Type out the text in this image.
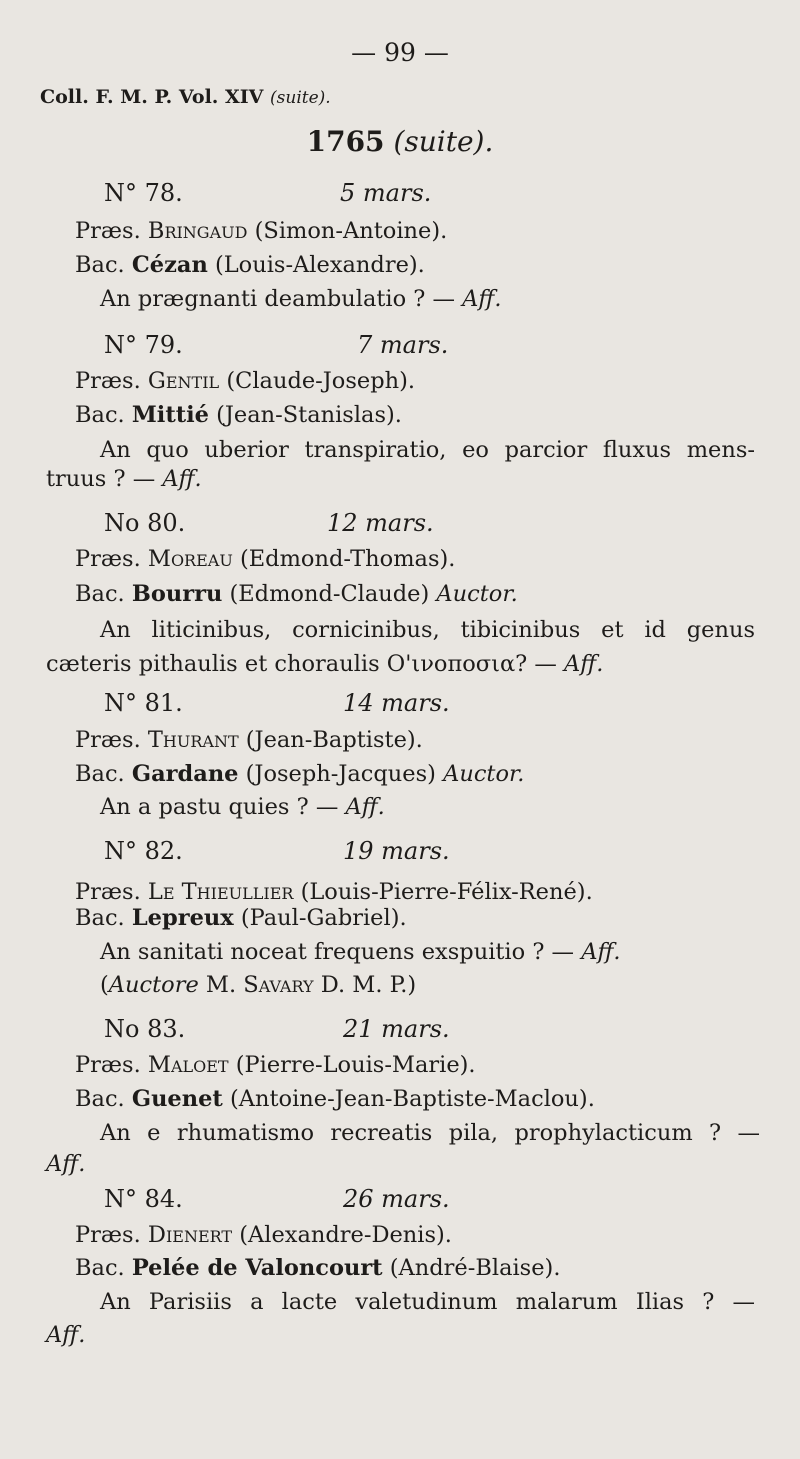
— 99 —
Coll. F. M. P. Vol. XIV (suite).
1765 (suite).
N° 78.	5 mars.
Præs. Bringaud (Simon-Antoine).
Bac. Cézan (Louis-Alexandre).
An prægnanti deambulatio ? — Aff.
N° 79.	7 mars.
Præs. Gentil (Claude-Joseph).
Bac. Mittié (Jean-Stanislas).
An quo uberior transpiratio, eo parcior fluxus mens-
truus ? — Aff.
No 80.	12 mars.
Præs. Moreau (Edmond-Thomas).
Bac. Bourru (Edmond-Claude) Auctor.
An liticinibus, cornicinibus, tibicinibus et id genus
cæteris pithaulis et choraulis Ο'ινοποσια? — Aff.
N° 81.	14 mars.
Præs. Thurant (Jean-Baptiste).
Bac. Gardane (Joseph-Jacques) Auctor.
An a pastu quies ? — Aff.
N° 82.	19 mars.
Præs. Le Thieullier (Louis-Pierre-Félix-René).
Bac. Lepreux (Paul-Gabriel).
An sanitati noceat frequens exspuitio ? — Aff.
(Auctore M. Savary D. M. P.)
No 83.	21 mars.
Præs. Maloet (Pierre-Louis-Marie).
Bac. Guenet (Antoine-Jean-Baptiste-Maclou).
An e rhumatismo recreatis pila, prophylacticum ? —
Aff.
N° 84.	26 mars.
Præs. Dienert (Alexandre-Denis).
Bac. Pelée de Valoncourt (André-Blaise).
An Parisiis a lacte valetudinum malarum Ilias ? —
Aff.
